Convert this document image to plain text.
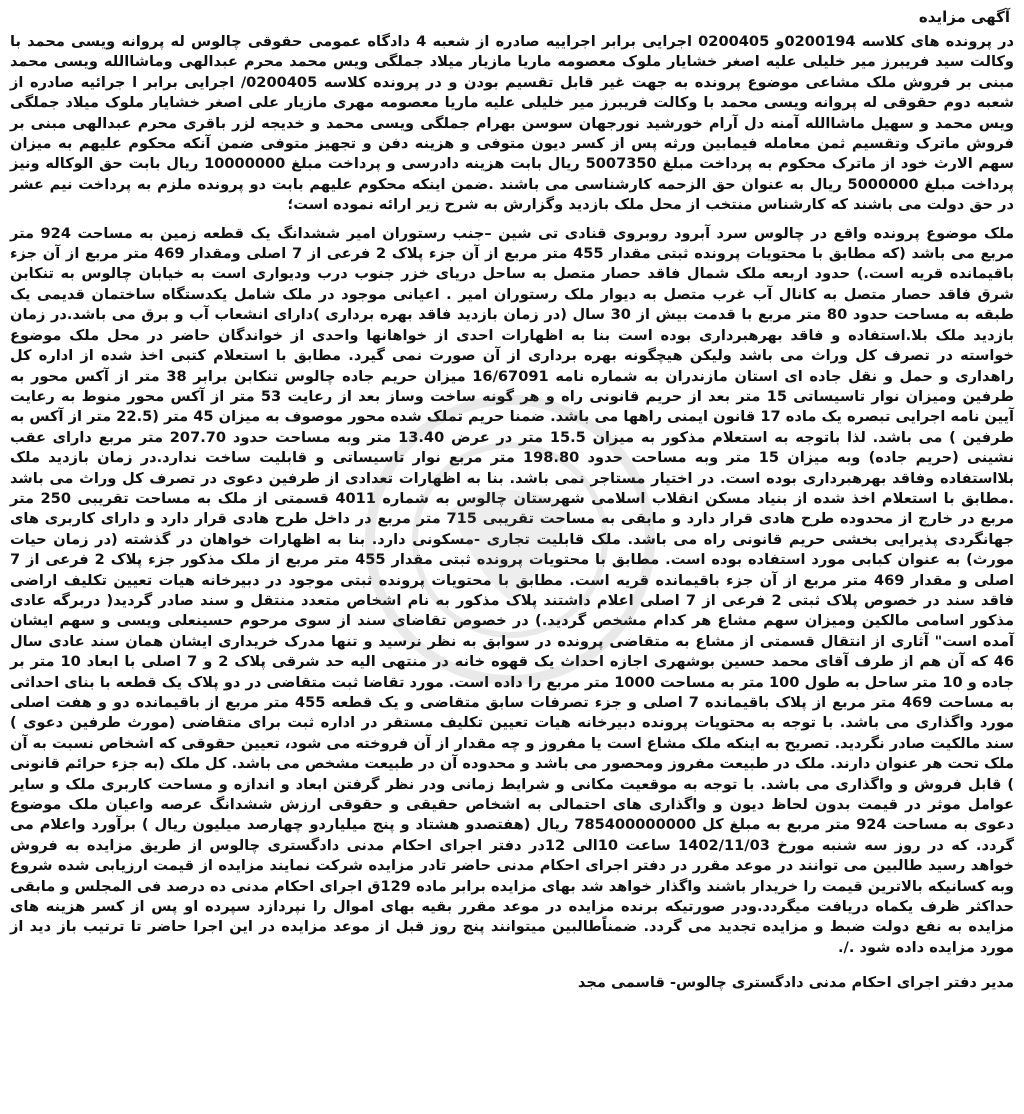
آگهی مزایده

در پرونده های کلاسه 0200194و 0200405 اجرایی برابر اجراییه صادره از شعبه 4 دادگاه عمومی حقوقی چالوس له پروانه ویسی محمد با وکالت سید فریبرز میر خلیلی علیه اصغر خشایار ملوک معصومه ماریا مازیار میلاد جملگی ویس محمد محرم عبدالهی وماشاالله ویسی محمد مبنی بر فروش ملک مشاعی موضوع پرونده به جهت غیر قابل تقسیم بودن و در پرونده کلاسه 0200405/ اجرایی برابر ا جرائیه صادره از شعبه دوم حقوقی له پروانه ویسی محمد با وکالت فریبرز میر خلیلی علیه ماریا معصومه مهری مازیار علی اصغر خشایار ملوک میلاد جملگی ویس محمد و سهیل ماشاالله آمنه دل آرام خورشید نورجهان سوسن بهرام جملگی ویسی محمد و خدیجه لزر باقری محرم عبدالهی مبنی بر فروش ماترک وتقسیم ثمن معامله فیمابین ورثه پس از کسر دیون متوفی و هزینه دفن و تجهیز متوفی ضمن آنکه محکوم علیهم به میزان سهم الارث خود از ماترک محکوم به پرداخت مبلغ 5007350 ریال بابت هزینه دادرسی و پرداخت مبلغ 10000000 ریال بابت حق الوکاله ونیز پرداخت مبلغ 5000000 ریال به عنوان حق الزحمه کارشناسی می باشند .ضمن اینکه محکوم علیهم بابت دو پرونده ملزم به پرداخت نیم عشر در حق دولت می باشند که کارشناس منتخب از محل ملک بازدید وگزارش به شرح زیر ارائه نموده است؛

ملک موضوع پرونده واقع در چالوس سرد آبرود روبروی قنادی تی شین –جنب رستوران امیر ششدانگ یک قطعه زمین به مساحت 924 متر مربع می باشد (که مطابق با محتویات پرونده ثبتی مقدار 455 متر مربع از آن جزء پلاک 2 فرعی از 7 اصلی ومقدار 469 متر مربع از آن جزء باقیمانده قریه است.) حدود اربعه ملک شمال فاقد حصار متصل به ساحل دریای خزر جنوب درب ودیواری است به خیابان چالوس به تنکابن شرق فاقد حصار متصل به کانال آب غرب متصل به دیوار ملک رستوران امیر . اعیانی موجود در ملک شامل یکدستگاه ساختمان قدیمی یک طبقه به مساحت حدود 80 متر مربع با قدمت بیش از 30 سال (در زمان بازدید فاقد بهره برداری )دارای انشعاب آب و برق می باشد.در زمان بازدید ملک بلا.استفاده و فاقد بهرهبرداری بوده است بنا به اظهارات احدی از خواهانها واحدی از خواندگان حاضر در محل ملک موضوع خواسته در تصرف کل وراث می باشد ولیکن هیچگونه بهره برداری از آن صورت نمی گیرد. مطابق با استعلام کتبی اخذ شده از اداره کل راهداری و حمل و نقل جاده ای استان مازندران به شماره نامه 16/67091 میزان حریم جاده چالوس تنکابن برابر 38 متر از آکس محور به طرفین ومیزان نوار تاسیساتی 15 متر بعد از حریم قانونی راه و هر گونه ساخت وساز بعد از رعایت 53 متر از آکس محور منوط به رعایت آیین نامه اجرایی تبصره یک ماده 17 قانون ایمنی راهها می باشد. ضمنا حریم تملک شده محور موصوف به میزان 45 متر (22.5 متر از آکس به طرفین ) می باشد. لذا باتوجه به استعلام مذکور به میزان 15.5 متر در عرض 13.40 متر وبه مساحت حدود 207.70 متر مربع دارای عقب نشینی (حریم جاده) وبه میزان 15 متر وبه مساحت حدود 198.80 متر مربع نوار تاسیساتی و قابلیت ساخت ندارد.در زمان بازدید ملک بلااستفاده وفاقد بهرهبرداری بوده است. در اختیار مستاجر نمی باشد. بنا به اظهارات تعدادی از طرفین دعوی در تصرف کل وراث می باشد .مطابق با استعلام اخذ شده از بنیاد مسکن انقلاب اسلامی شهرستان چالوس به شماره 4011 قسمتی از ملک به مساحت تقریبی 250 متر مربع در خارج از محدوده طرح هادی قرار دارد و مابقی به مساحت تقریبی 715 متر مربع در داخل طرح هادی قرار دارد و دارای کاربری های جهانگردی پذیرایی بخشی حریم قانونی راه می باشد. ملک قابلیت تجاری -مسکونی دارد. بنا به اظهارات خواهان در گذشته (در زمان حیات مورث) به عنوان کبابی مورد استفاده بوده است. مطابق با محتویات پرونده ثبتی مقدار 455 متر مربع از ملک مذکور جزء پلاک 2 فرعی از 7 اصلی و مقدار 469 متر مربع از آن جزء باقیمانده قریه است. مطابق با محتویات پرونده ثبتی موجود در دبیرخانه هیات تعیین تکلیف اراضی فاقد سند در خصوص پلاک ثبتی 2 فرعی از 7 اصلی اعلام داشتند پلاک مذکور به نام اشخاص متعدد منتقل و سند صادر گردید( دربرگه عادی مذکور اسامی مالکین ومیزان سهم مشاع هر کدام مشخص گردید.) در خصوص تقاضای سند از سوی مرحوم حسینعلی ویسی و سهم ایشان آمده است" آثاری از انتقال قسمتی از مشاع به متقاضی پرونده در سوابق به نظر نرسید و تنها مدرک خریداری ایشان همان سند عادی سال 46 که آن هم از طرف آقای محمد حسین بوشهری اجازه احداث یک قهوه خانه در منتهی الیه حد شرقی پلاک 2 و 7 اصلی با ابعاد 10 متر بر جاده و 10 متر ساحل به طول 100 متر به مساحت 1000 متر مربع را داده است. مورد تقاضا ثبت متقاضی در دو پلاک یک قطعه با بنای احداثی به مساحت 469 متر مربع از پلاک باقیمانده 7 اصلی و جزء تصرفات سابق متقاضی و یک قطعه 455 متر مربع از باقیمانده دو و هفت اصلی مورد واگذاری می باشد. با توجه به محتویات پرونده دبیرخانه هیات تعیین تکلیف مستقر در اداره ثبت برای متقاضی (مورث طرفین دعوی ) سند مالکیت صادر نگردید. تصریح به اینکه ملک مشاع است یا مفروز و چه مقدار از آن فروخته می شود، تعیین حقوقی که اشخاص نسبت به آن ملک تحت هر عنوان دارند. ملک در طبیعت مفروز ومحصور می باشد و محدوده آن در طبیعت مشخص می باشد. کل ملک (به جزء حرائم قانونی ) قابل فروش و واگذاری می باشد. با توجه به موقعیت مکانی و شرایط زمانی ودر نظر گرفتن ابعاد و اندازه و مساحت کاربری ملک و سایر عوامل موثر در قیمت بدون لحاظ دیون و واگذاری های احتمالی به اشخاص حقیقی و حقوقی ارزش ششدانگ عرصه واعیان ملک موضوع دعوی به مساحت 924 متر مربع به مبلغ کل 785400000000 ریال (هفتصدو هشتاد و پنج میلیاردو چهارصد میلیون ریال ) برآورد واعلام می گردد. که در روز سه شنبه مورخ 1402/11/03 ساعت 10الی 12در دفتر اجرای احکام مدنی دادگستری چالوس از طریق مزایده به فروش خواهد رسید طالبین می توانند در موعد مقرر در دفتر اجرای احکام مدنی حاضر تادر مزایده شرکت نمایند مزایده از قیمت ارزیابی شده شروع وبه کسانیکه بالاترین قیمت را خریدار باشند واگذار خواهد شد بهای مزایده برابر ماده 129ق اجرای احکام مدنی ده درصد فی المجلس و مابقی حداکثر ظرف یکماه دریافت میگردد.ودر صورتیکه برنده مزایده در موعد مقرر بقیه بهای اموال را نپردازد سپرده او پس از کسر هزینه های مزایده به نفع دولت ضبط و مزایده تجدید می گردد. ضمناًطالبین میتوانند پنج روز قبل از موعد مزایده در این اجرا حاضر تا ترتیب باز دید از مورد مزایده داده شود ./.

مدیر دفتر اجرای احکام مدنی دادگستری چالوس- قاسمی مجد
